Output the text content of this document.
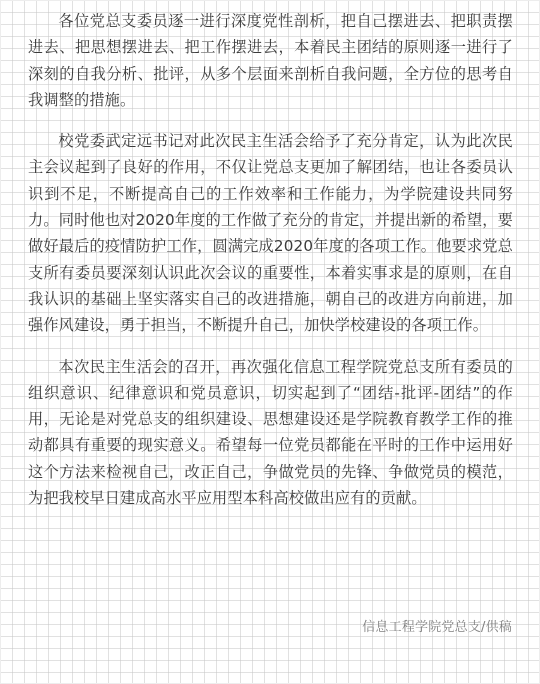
各位党总支委员逐一进行深度党性剖析，把自己摆进去、把职责摆进去、把思想摆进去、把工作摆进去，本着民主团结的原则逐一进行了深刻的自我分析、批评，从多个层面来剖析自我问题，全方位的思考自我调整的措施。

校党委武定远书记对此次民主生活会给予了充分肯定，认为此次民主会议起到了良好的作用，不仅让党总支更加了解团结，也让各委员认识到不足，不断提高自己的工作效率和工作能力，为学院建设共同努力。同时他也对2020年度的工作做了充分的肯定，并提出新的希望，要做好最后的疫情防护工作，圆满完成2020年度的各项工作。他要求党总支所有委员要深刻认识此次会议的重要性，本着实事求是的原则，在自我认识的基础上坚实落实自己的改进措施，朝自己的改进方向前进，加强作风建设，勇于担当，不断提升自己，加快学校建设的各项工作。

本次民主生活会的召开，再次强化信息工程学院党总支所有委员的组织意识、纪律意识和党员意识，切实起到了“团结-批评-团结”的作用，无论是对党总支的组织建设、思想建设还是学院教育教学工作的推动都具有重要的现实意义。希望每一位党员都能在平时的工作中运用好这个方法来检视自己，改正自己，争做党员的先锋、争做党员的模范，为把我校早日建成高水平应用型本科高校做出应有的贡献。

信息工程学院党总支/供稿
